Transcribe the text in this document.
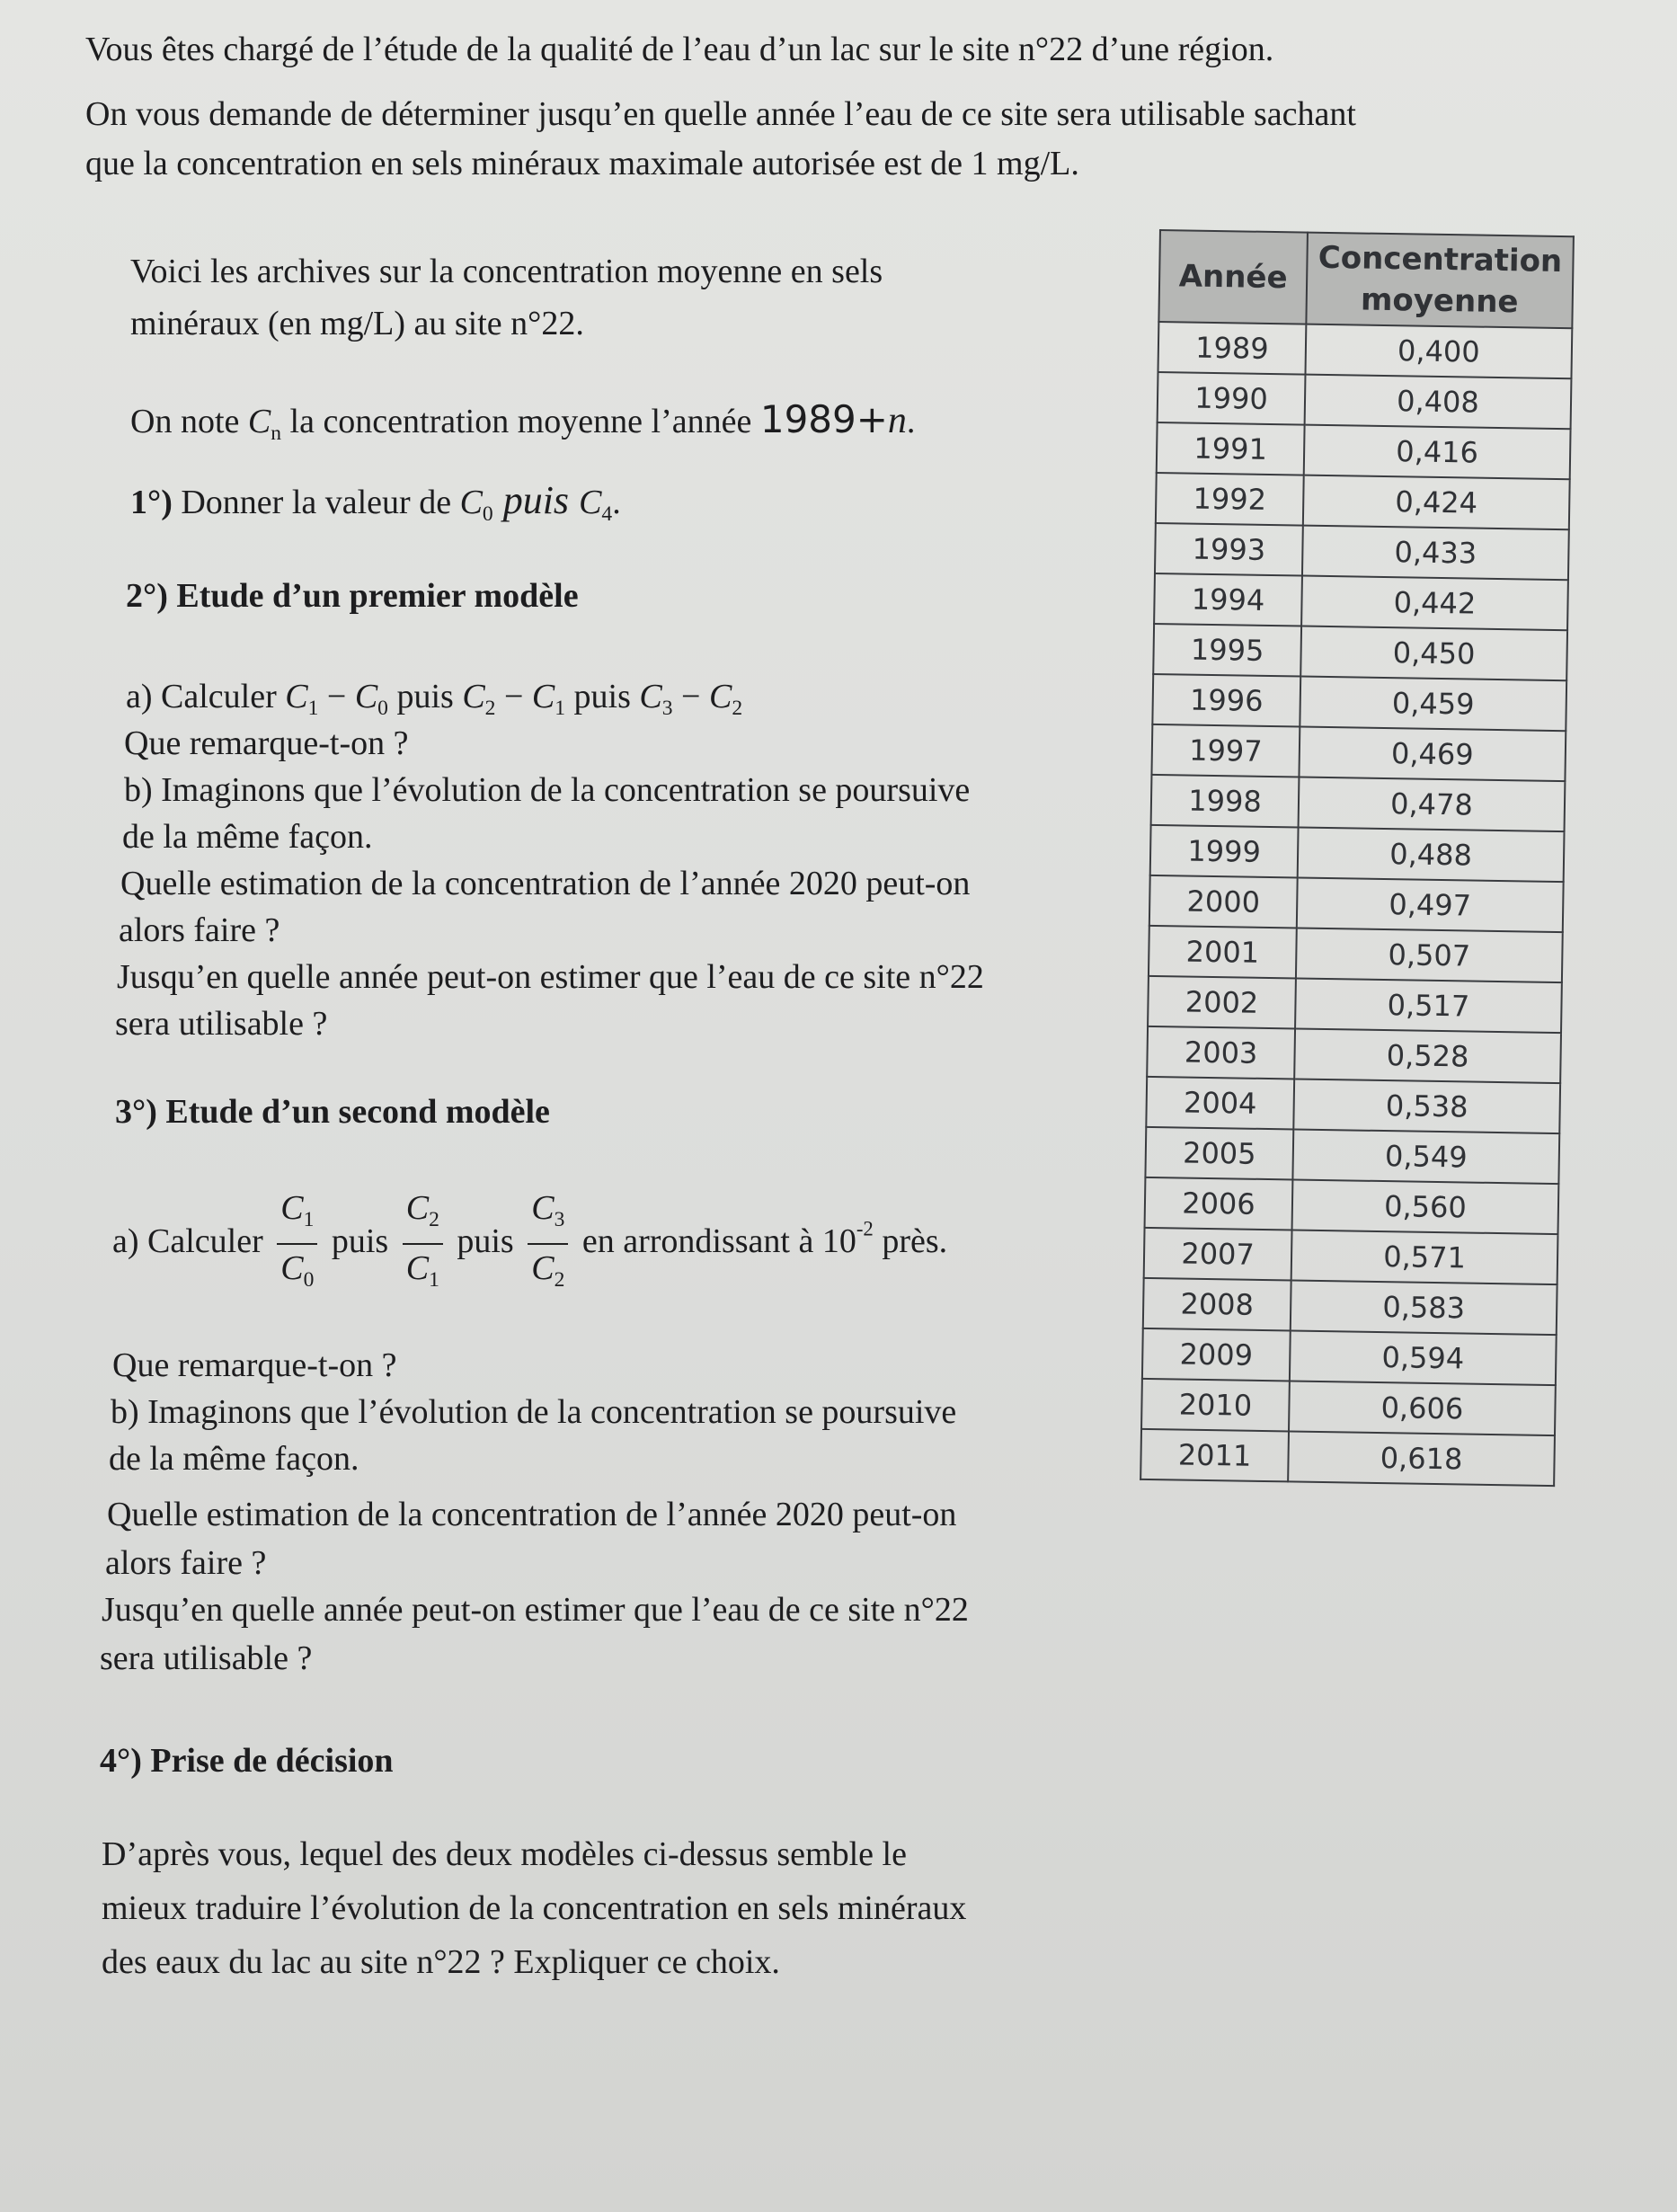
Vous êtes chargé de l’étude de la qualité de l’eau d’un lac sur le site n°22 d’une région.
On vous demande de déterminer jusqu’en quelle année l’eau de ce site sera utilisable sachant
que la concentration en sels minéraux maximale autorisée est de 1 mg/L.
Voici les archives sur la concentration moyenne en sels
minéraux (en mg/L) au site n°22.
On note $C_n$ la concentration moyenne l’année 1989+n.
1°) Donner la valeur de $C_0$ puis $C_4$.
2°) Etude d’un premier modèle
a) Calculer $C_1 - C_0$ puis $C_2 - C_1$ puis $C_3 - C_2$
Que remarque-t-on ?
b) Imaginons que l’évolution de la concentration se poursuive
de la même façon.
Quelle estimation de la concentration de l’année 2020 peut-on
alors faire ?
Jusqu’en quelle année peut-on estimer que l’eau de ce site n°22
sera utilisable ?
3°) Etude d’un second modèle
a) Calculer $\frac{C_1}{C_0}$ puis $\frac{C_2}{C_1}$ puis $\frac{C_3}{C_2}$ en arrondissant à $10^{-2}$ près.
Que remarque-t-on ?
b) Imaginons que l’évolution de la concentration se poursuive
de la même façon.
Quelle estimation de la concentration de l’année 2020 peut-on
alors faire ?
Jusqu’en quelle année peut-on estimer que l’eau de ce site n°22
sera utilisable ?
4°) Prise de décision
D’après vous, lequel des deux modèles ci-dessus semble le
mieux traduire l’évolution de la concentration en sels minéraux
des eaux du lac au site n°22 ? Expliquer ce choix.
Année	Concentration
moyenne
1989	0,400
1990	0,408
1991	0,416
1992	0,424
1993	0,433
1994	0,442
1995	0,450
1996	0,459
1997	0,469
1998	0,478
1999	0,488
2000	0,497
2001	0,507
2002	0,517
2003	0,528
2004	0,538
2005	0,549
2006	0,560
2007	0,571
2008	0,583
2009	0,594
2010	0,606
2011	0,618
